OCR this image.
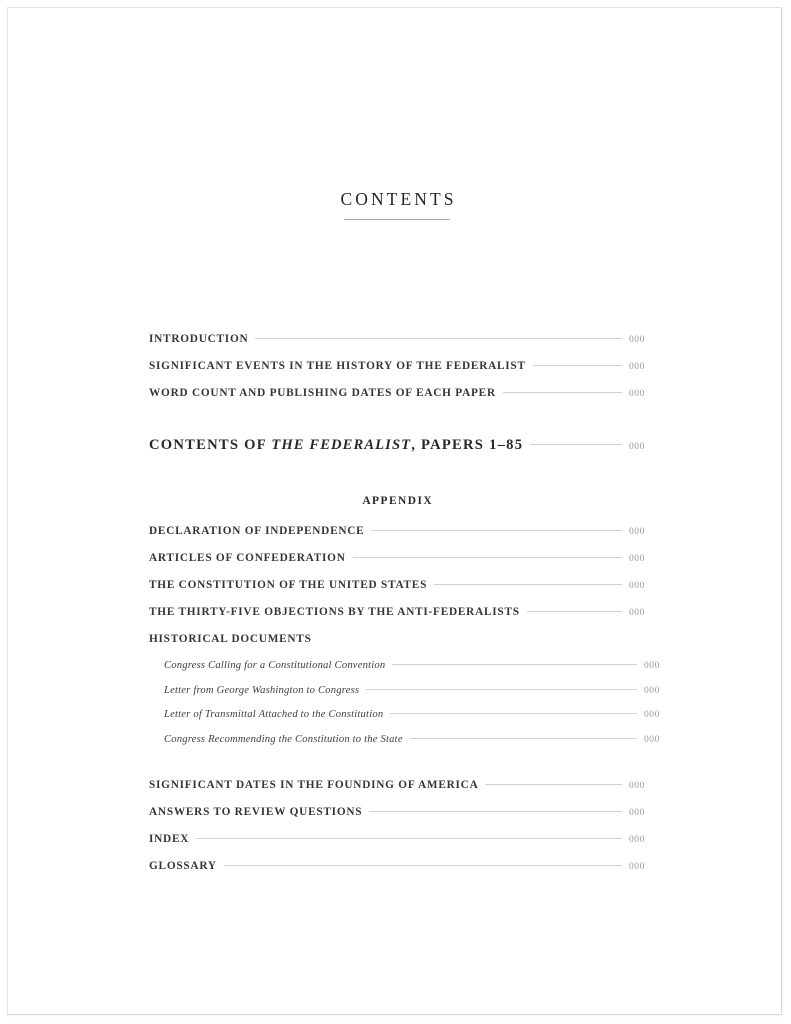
CONTENTS
INTRODUCTION	000
SIGNIFICANT EVENTS IN THE HISTORY OF THE FEDERALIST	000
WORD COUNT AND PUBLISHING DATES OF EACH PAPER	000
CONTENTS OF THE FEDERALIST, PAPERS 1–85	000
APPENDIX
DECLARATION OF INDEPENDENCE	000
ARTICLES OF CONFEDERATION	000
THE CONSTITUTION OF THE UNITED STATES	000
THE THIRTY-FIVE OBJECTIONS BY THE ANTI-FEDERALISTS	000
HISTORICAL DOCUMENTS
Congress Calling for a Constitutional Convention	000
Letter from George Washington to Congress	000
Letter of Transmittal Attached to the Constitution	000
Congress Recommending the Constitution to the State	000
SIGNIFICANT DATES IN THE FOUNDING OF AMERICA	000
ANSWERS TO REVIEW QUESTIONS	000
INDEX	000
GLOSSARY	000
